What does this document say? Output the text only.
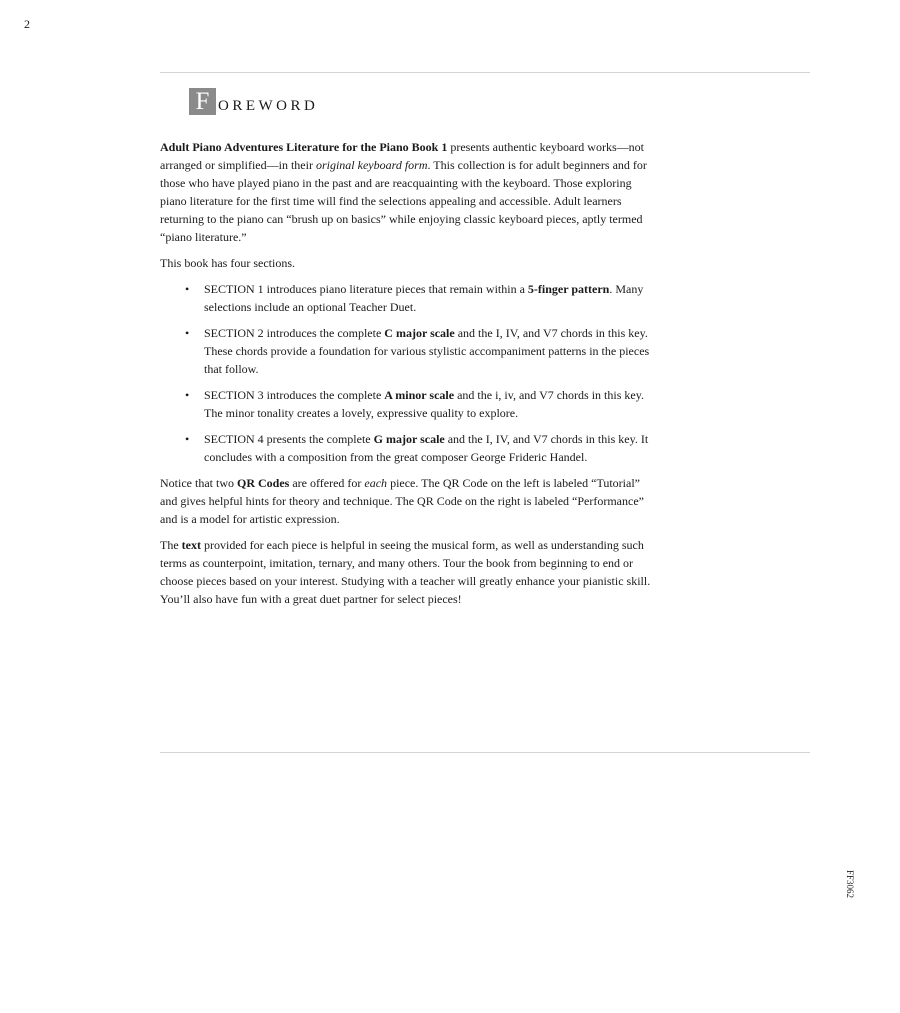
2
F OREWORD

Adult Piano Adventures Literature for the Piano Book 1 presents authentic keyboard works—not arranged or simplified—in their original keyboard form. This collection is for adult beginners and for those who have played piano in the past and are reacquainting with the keyboard. Those exploring piano literature for the first time will find the selections appealing and accessible. Adult learners returning to the piano can “brush up on basics” while enjoying classic keyboard pieces, aptly termed “piano literature.”

This book has four sections.

• SECTION 1 introduces piano literature pieces that remain within a 5-finger pattern. Many selections include an optional Teacher Duet.
• SECTION 2 introduces the complete C major scale and the I, IV, and V7 chords in this key. These chords provide a foundation for various stylistic accompaniment patterns in the pieces that follow.
• SECTION 3 introduces the complete A minor scale and the i, iv, and V7 chords in this key. The minor tonality creates a lovely, expressive quality to explore.
• SECTION 4 presents the complete G major scale and the I, IV, and V7 chords in this key. It concludes with a composition from the great composer George Frideric Handel.

Notice that two QR Codes are offered for each piece. The QR Code on the left is labeled “Tutorial” and gives helpful hints for theory and technique. The QR Code on the right is labeled “Performance” and is a model for artistic expression.

The text provided for each piece is helpful in seeing the musical form, as well as understanding such terms as counterpoint, imitation, ternary, and many others. Tour the book from beginning to end or choose pieces based on your interest. Studying with a teacher will greatly enhance your pianistic skill. You’ll also have fun with a great duet partner for select pieces!

FF3062
